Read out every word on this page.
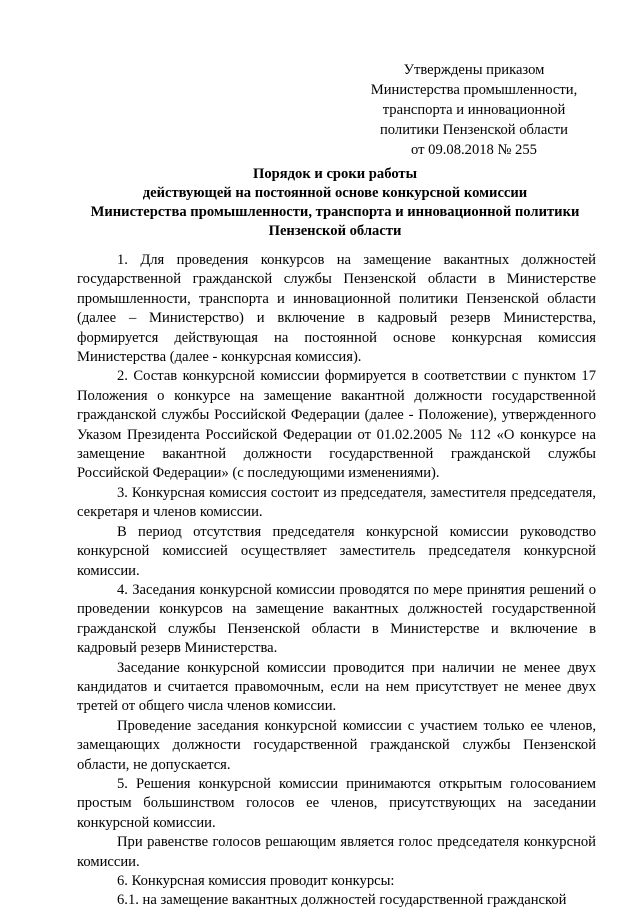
Утверждены приказом
Министерства промышленности,
транспорта и инновационной
политики Пензенской области
от 09.08.2018 № 255
Порядок и сроки работы
действующей на постоянной основе конкурсной комиссии
Министерства промышленности, транспорта и инновационной политики
Пензенской области

1. Для проведения конкурсов на замещение вакантных должностей государственной гражданской службы Пензенской области в Министерстве промышленности, транспорта и инновационной политики Пензенской области (далее – Министерство) и включение в кадровый резерв Министерства, формируется действующая на постоянной основе конкурсная комиссия Министерства (далее - конкурсная комиссия).

2. Состав конкурсной комиссии формируется в соответствии с пунктом 17 Положения о конкурсе на замещение вакантной должности государственной гражданской службы Российской Федерации (далее - Положение), утвержденного Указом Президента Российской Федерации от 01.02.2005 № 112 «О конкурсе на замещение вакантной должности государственной гражданской службы Российской Федерации» (с последующими изменениями).

3. Конкурсная комиссия состоит из председателя, заместителя председателя, секретаря и членов комиссии.

В период отсутствия председателя конкурсной комиссии руководство конкурсной комиссией осуществляет заместитель председателя конкурсной комиссии.

4. Заседания конкурсной комиссии проводятся по мере принятия решений о проведении конкурсов на замещение вакантных должностей государственной гражданской службы Пензенской области в Министерстве и включение в кадровый резерв Министерства.

Заседание конкурсной комиссии проводится при наличии не менее двух кандидатов и считается правомочным, если на нем присутствует не менее двух третей от общего числа членов комиссии.

Проведение заседания конкурсной комиссии с участием только ее членов, замещающих должности государственной гражданской службы Пензенской области, не допускается.

5. Решения конкурсной комиссии принимаются открытым голосованием простым большинством голосов ее членов, присутствующих на заседании конкурсной комиссии.

При равенстве голосов решающим является голос председателя конкурсной комиссии.

6. Конкурсная комиссия проводит конкурсы:

6.1. на замещение вакантных должностей государственной гражданской
